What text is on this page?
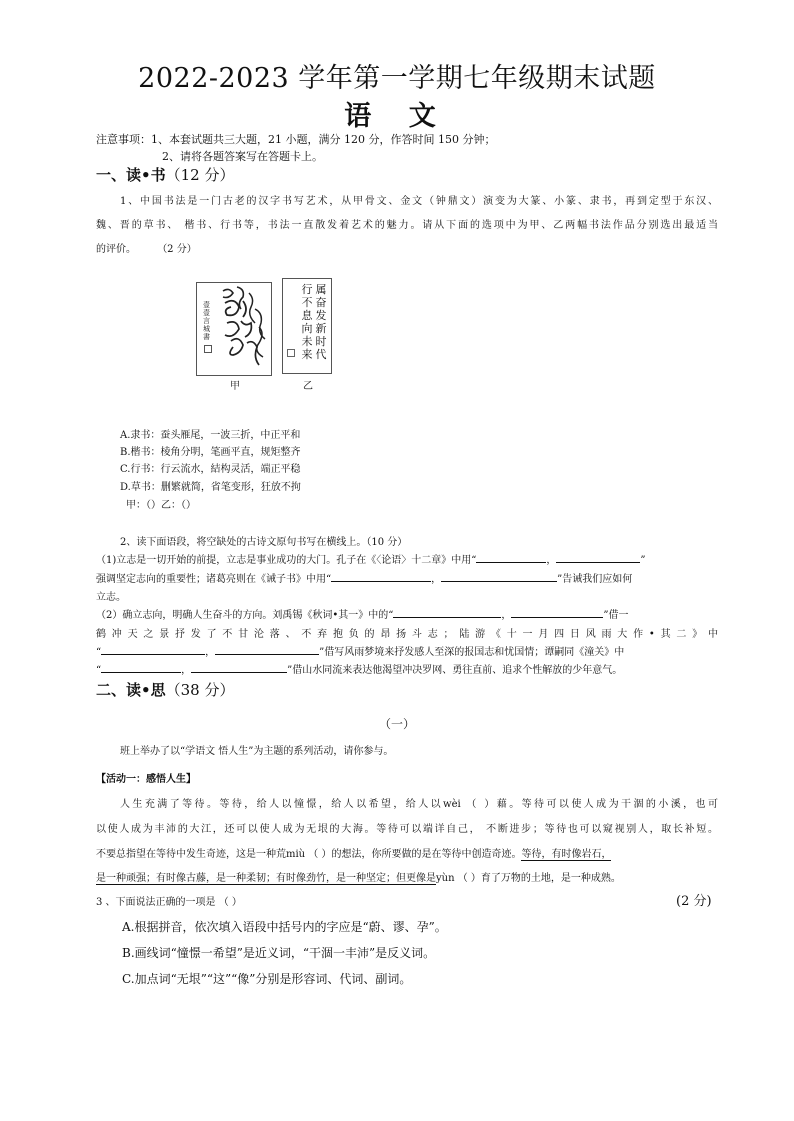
2022-2023 学年第一学期七年级期末试题
语 文
注意事项：1、本套试题共三大题，21 小题，满分 120 分，作答时间 150 分钟；
2、请将各题答案写在答题卡上。
一、读•书（12 分）
1、中国书法是一门古老的汉字书写艺术，从甲骨文、金文（钟鼎文）演变为大篆、小篆、隶书，再到定型于东汉、
魏、晋的草书、 楷书、行书等，书法一直散发着艺术的魅力。请从下面的选项中为甲、乙两幅书法作品分别选出最适当
的评价。 （2 分）
壹壹言城書
甲
属奋发新时代
行不息向未来
乙
A.隶书：蚕头雁尾，一波三折，中正平和
B.楷书：棱角分明，笔画平直，规矩整齐
C.行书：行云流水，結构灵活，端正平稳
D.草书：删繁就简，省笔变形，狂放不拘
甲：（）乙：（）
2、读下面语段，将空缺处的古诗文原句书写在横线上。（10 分）
（1)立志是一切开始的前提，立志是事业成功的大门。孔子在《〈论语〉十二章》中用“	，	”
强调坚定志向的重要性；诸葛亮则在《诫子书》中用“	，	”告诫我们应如何
立志。
（2）确立志向，明确人生奋斗的方向。刘禹锡《秋词•其一》中的“	，	”借一
鹤冲天之景抒发了不甘沦落、不弃抱负的昂扬斗志；陆游《十一月四日风雨大作•其二》中
“	，	”借写风雨梦境来抒发感人至深的报国志和忧国情；谭嗣同《潼关》中
“	，	”借山水同流来表达他渴望冲决罗网、勇往直前、追求个性解放的少年意气。
二、读•思（38 分）
（一）
班上举办了以“学语文 悟人生”为主题的系列活动，请你参与。
【活动一：感悟人生】
人生充满了等待。等待，给人以憧憬，给人以希望，给人以wèi （ ）藉。等待可以使人成为干涸的小溪，也可
以使人成为丰沛的大江，还可以使人成为无垠的大海。等待可以端详自己， 不断进步；等待也可以窥视别人，取长补短。
不要总指望在等待中发生奇迹，这是一种荒miù （ ）的想法，你所要做的是在等待中创造奇迹。等待，有时像岩石，
是一种顽强；有时像古藤，是一种柔韧；有时像劲竹，是一种坚定；但更像是yùn （ ）育了万物的土地，是一种成熟。
3 、下面说法正确的一项是 （ ）	(2 分)
A.根据拼音，依次填入语段中括号内的字应是“蔚、谬、孕”。
B.画线词“憧憬一希望”是近义词，“干涸一丰沛”是反义词。
C.加点词“无垠”“这”“像”分别是形容词、代词、副词。
